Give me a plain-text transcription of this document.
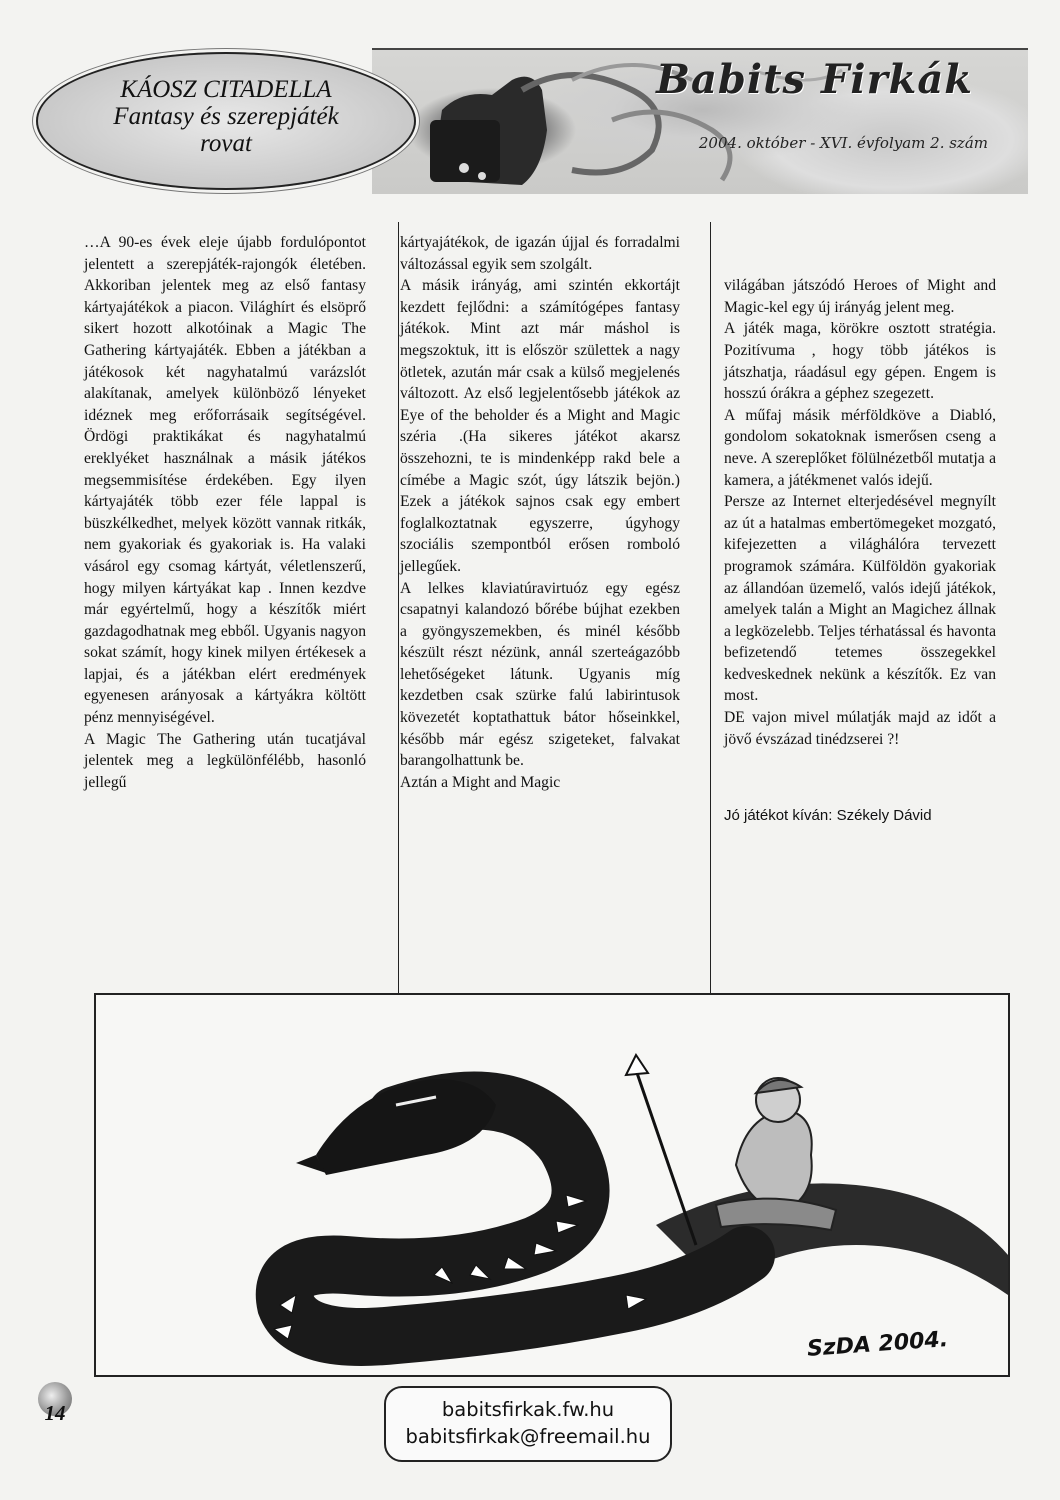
Babits Firkák
2004. október - XVI. évfolyam 2. szám
KÁOSZ CITADELLA
Fantasy és szerepjáték
rovat
…A 90-es évek eleje újabb fordulópontot jelentett a szerepjáték-rajongók életében. Akkoriban jelentek meg az első fantasy kártyajátékok a piacon. Világhírt és elsöprő sikert hozott alkotóinak a Magic The Gathering kártyajáték. Ebben a játékban a játékosok két nagyhatalmú varázslót alakítanak, amelyek különböző lényeket idéznek meg erőforrásaik segítségével. Ördögi praktikákat és nagyhatalmú ereklyéket használnak a másik játékos megsemmisítése érdekében. Egy ilyen kártyajáték több ezer féle lappal is büszkélkedhet, melyek között vannak ritkák, nem gyakoriak és gyakoriak is. Ha valaki vásárol egy csomag kártyát, véletlenszerű, hogy milyen kártyákat kap . Innen kezdve már egyértelmű, hogy a készítők miért gazdagodhatnak meg ebből. Ugyanis nagyon sokat számít, hogy kinek milyen értékesek a lapjai, és a játékban elért eredmények egyenesen arányosak a kártyákra költött pénz mennyiségével.
A Magic The Gathering után tucatjával jelentek meg a legkülönfélébb, hasonló jellegű
kártyajátékok, de igazán újjal és forradalmi változással egyik sem szolgált.
A másik irányág, ami szintén ekkortájt kezdett fejlődni: a számítógépes fantasy játékok. Mint azt már máshol is megszoktuk, itt is először születtek a nagy ötletek, azután már csak a külső megjelenés változott. Az első legjelentősebb játékok az Eye of the beholder és a Might and Magic széria .(Ha sikeres játékot akarsz összehozni, te is mindenképp rakd bele a címébe a Magic szót, úgy látszik bejön.) Ezek a játékok sajnos csak egy embert foglalkoztatnak egyszerre, úgyhogy szociális szempontból erősen romboló jellegűek.
A lelkes klaviatúravirtuóz egy egész csapatnyi kalandozó bőrébe bújhat ezekben a gyöngyszemekben, és minél később készült részt nézünk, annál szerteágazóbb lehetőségeket látunk. Ugyanis míg kezdetben csak szürke falú labirintusok kövezetét koptathattuk bátor hőseinkkel, később már egész szigeteket, falvakat barangolhattunk be.
Aztán a Might and Magic

világában játszódó Heroes of Might and Magic-kel egy új irányág jelent meg.
A játék maga, körökre osztott stratégia. Pozitívuma , hogy több játékos is játszhatja, ráadásul egy gépen. Engem is hosszú órákra a géphez szegezett.
A műfaj másik mérföldköve a Diabló, gondolom sokatoknak ismerősen cseng a neve. A szereplőket fölülnézetből mutatja a kamera, a játékmenet valós idejű.
Persze az Internet elterjedésével megnyílt az út a hatalmas embertömegeket mozgató, kifejezetten a világhálóra tervezett programok számára. Külföldön gyakoriak az állandóan üzemelő, valós idejű játékok, amelyek talán a Might an Magichez állnak a legközelebb. Teljes térhatással és havonta befizetendő tetemes összegekkel kedveskednek nekünk a készítők. Ez van most.
DE vajon mivel múlatják majd az időt a jövő évszázad tinédzserei ?!

Jó játékot kíván: Székely Dávid

SzDA 2004.
14	babitsfirkak.fw.hu
babitsfirkak@freemail.hu
